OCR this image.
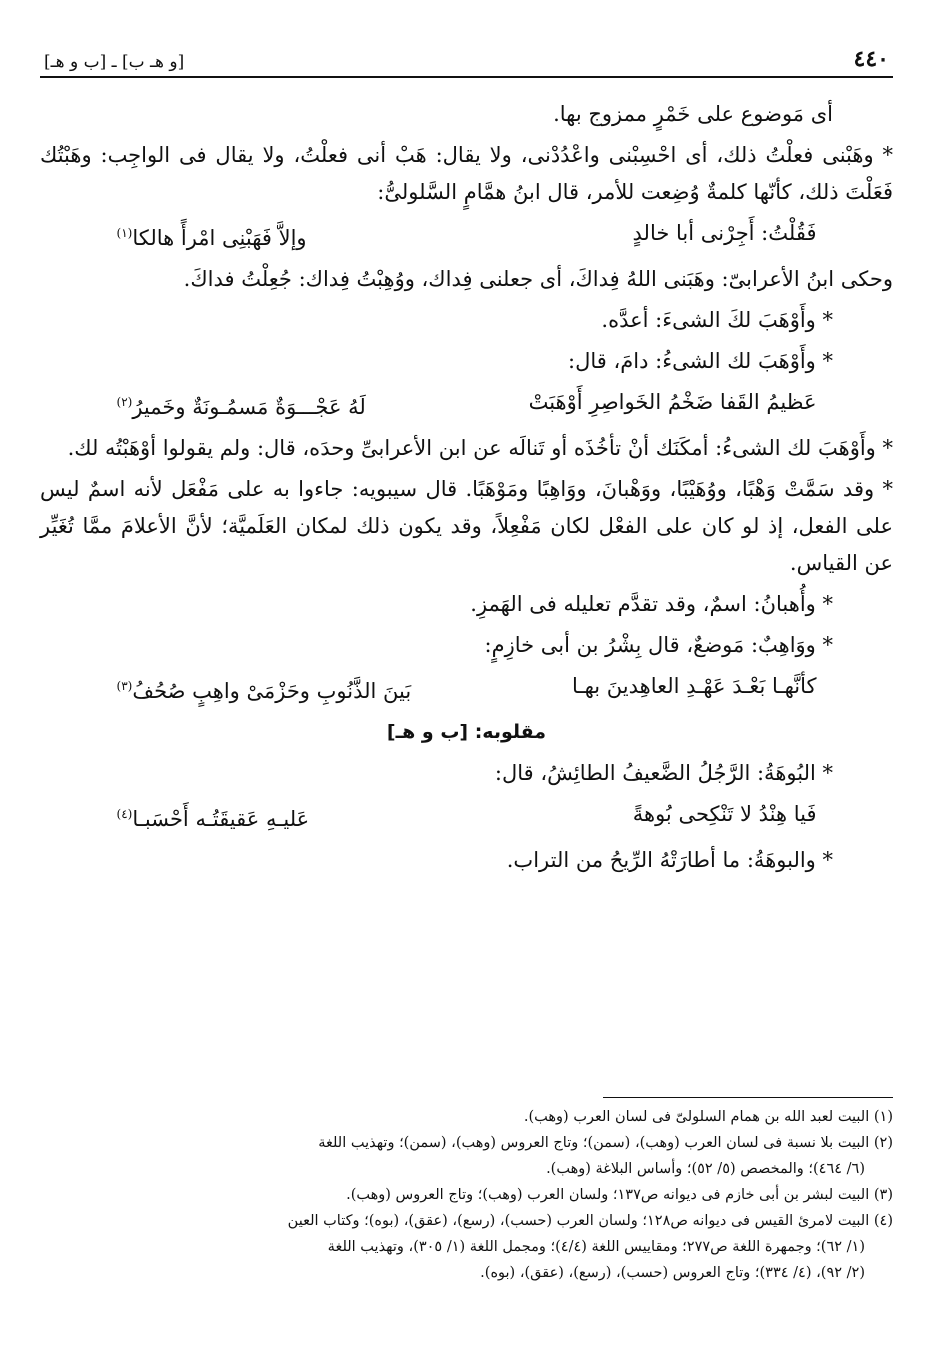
٤٤٠
[و هـ ب] ـ [ب و هـ]

أى مَوضوع على خَمْرٍ ممزوج بها.

* وهَبْنى فعلْتُ ذلك، أى احْسِبْنى واعْدُدْنى، ولا يقال: هَبْ أنى فعلْتُ، ولا يقال فى الواجِب: وهَبْتُك فَعَلْتَ ذلك، كأنّها كلمةٌ وُضِعت للأمر، قال ابنُ همَّامٍ السَّلولىُّ:

فَقُلْتُ: أَجِرْنى أبا خالدٍ
وإلاَّ فَهَبْنِى امْرأً هالكا$^{(١)}$

وحكى ابنُ الأعرابىّ: وهَبَنى اللهُ فِداكَ، أى جعلنى فِداك، ووُهِبْتُ فِداك: جُعِلْتُ فداكَ.

* وأَوْهَبَ لكَ الشىءَ: أعدَّه.

* وأَوْهَبَ لك الشىءُ: دامَ، قال:

عَظيمُ القَفا ضَخْمُ الخَواصِرِ أَوْهَبَتْ
لَهُ عَجْـــوَةٌ مَسمُـونَةٌ وخَميرُ$^{(٢)}$

* وأَوْهَبَ لك الشىءُ: أمكَنَك أنْ تأخُذَه أو تَنالَه عن ابن الأعرابىِّ وحدَه، قال: ولم يقولوا أوْهَبْتُه لك.

* وقد سَمَّتْ وَهْبًا، ووُهَيْبًا، ووَهْبانَ، ووَاهِبًا ومَوْهَبًا. قال سيبويه: جاءوا به على مَفْعَل لأنه اسمٌ ليس على الفعل، إذ لو كان على الفعْل لكان مَفْعِلاً، وقد يكون ذلك لمكان العَلَميَّة؛ لأنَّ الأعلامَ ممَّا تُغَيِّر عن القياس.

* وأُهبانُ: اسمٌ، وقد تقدَّم تعليله فى الهَمزِ.

* ووَاهِبٌ: مَوضعٌ، قال بِشْرُ بن أبى خازِمٍ:

كأنَّهـا بَعْـدَ عَهْـدِ العاهِدينَ بهـا
بَينَ الذَّنُوبِ وحَزْمَىْ واهِبٍ صُحُفُ$^{(٣)}$
مقلوبه: [ب و هـ]

* البُوهَةُ: الرَّجُلُ الضَّعيفُ الطائِشُ، قال:

فَيا هِنْدُ لا تَنْكِحى بُوهةً
عَليـهِ عَقيقَتُـه أَحْسَبـا$^{(٤)}$

* والبوهَةُ: ما أطارَتْهُ الرِّيحُ من التراب.

(١) البيت لعبد الله بن همام السلولىّ فى لسان العرب (وهب).

(٢) البيت بلا نسبة فى لسان العرب (وهب)، (سمن)؛ وتاج العروس (وهب)، (سمن)؛ وتهذيب اللغة
(٦/ ٤٦٤)؛ والمخصص (٥/ ٥٢)؛ وأساس البلاغة (وهب).

(٣) البيت لبشر بن أبى خازم فى ديوانه ص١٣٧؛ ولسان العرب (وهب)؛ وتاج العروس (وهب).

(٤) البيت لامرئ القيس فى ديوانه ص١٢٨؛ ولسان العرب (حسب)، (رسع)، (عقق)، (بوه)؛ وكتاب العين
(١/ ٦٢)؛ وجمهرة اللغة ص٢٧٧؛ ومقاييس اللغة (٤/٤)؛ ومجمل اللغة (١/ ٣٠٥)، وتهذيب اللغة
(٢/ ٩٢)، (٤/ ٣٣٤)؛ وتاج العروس (حسب)، (رسع)، (عقق)، (بوه).
